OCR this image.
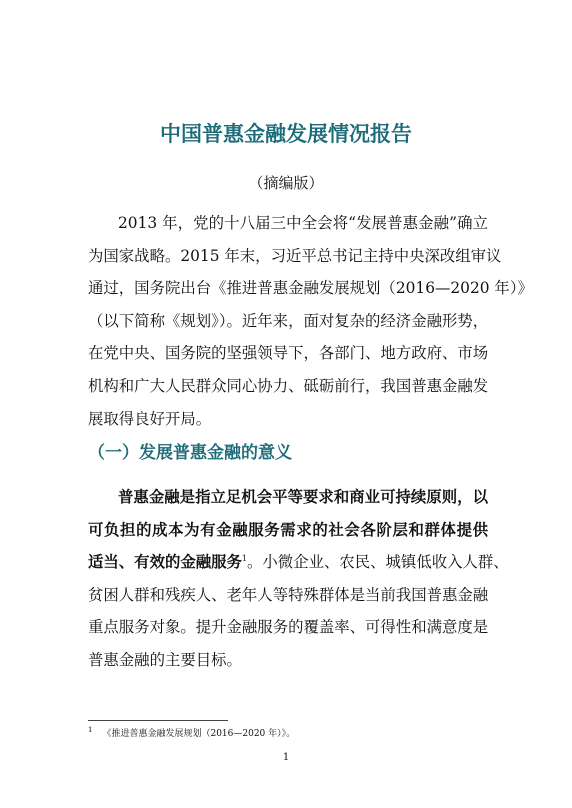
中国普惠金融发展情况报告
（摘编版）
2013 年，党的十八届三中全会将“发展普惠金融”确立
为国家战略。2015 年末，习近平总书记主持中央深改组审议
通过，国务院出台《推进普惠金融发展规划（2016—2020 年）》
（以下简称《规划》）。近年来，面对复杂的经济金融形势，
在党中央、国务院的坚强领导下，各部门、地方政府、市场
机构和广大人民群众同心协力、砥砺前行，我国普惠金融发
展取得良好开局。
（一）发展普惠金融的意义
普惠金融是指立足机会平等要求和商业可持续原则，以
可负担的成本为有金融服务需求的社会各阶层和群体提供
适当、有效的金融服务$^1$。小微企业、农民、城镇低收入人群、
贫困人群和残疾人、老年人等特殊群体是当前我国普惠金融
重点服务对象。提升金融服务的覆盖率、可得性和满意度是
普惠金融的主要目标。
$^1$ 《推进普惠金融发展规划（2016—2020 年）》。
1
